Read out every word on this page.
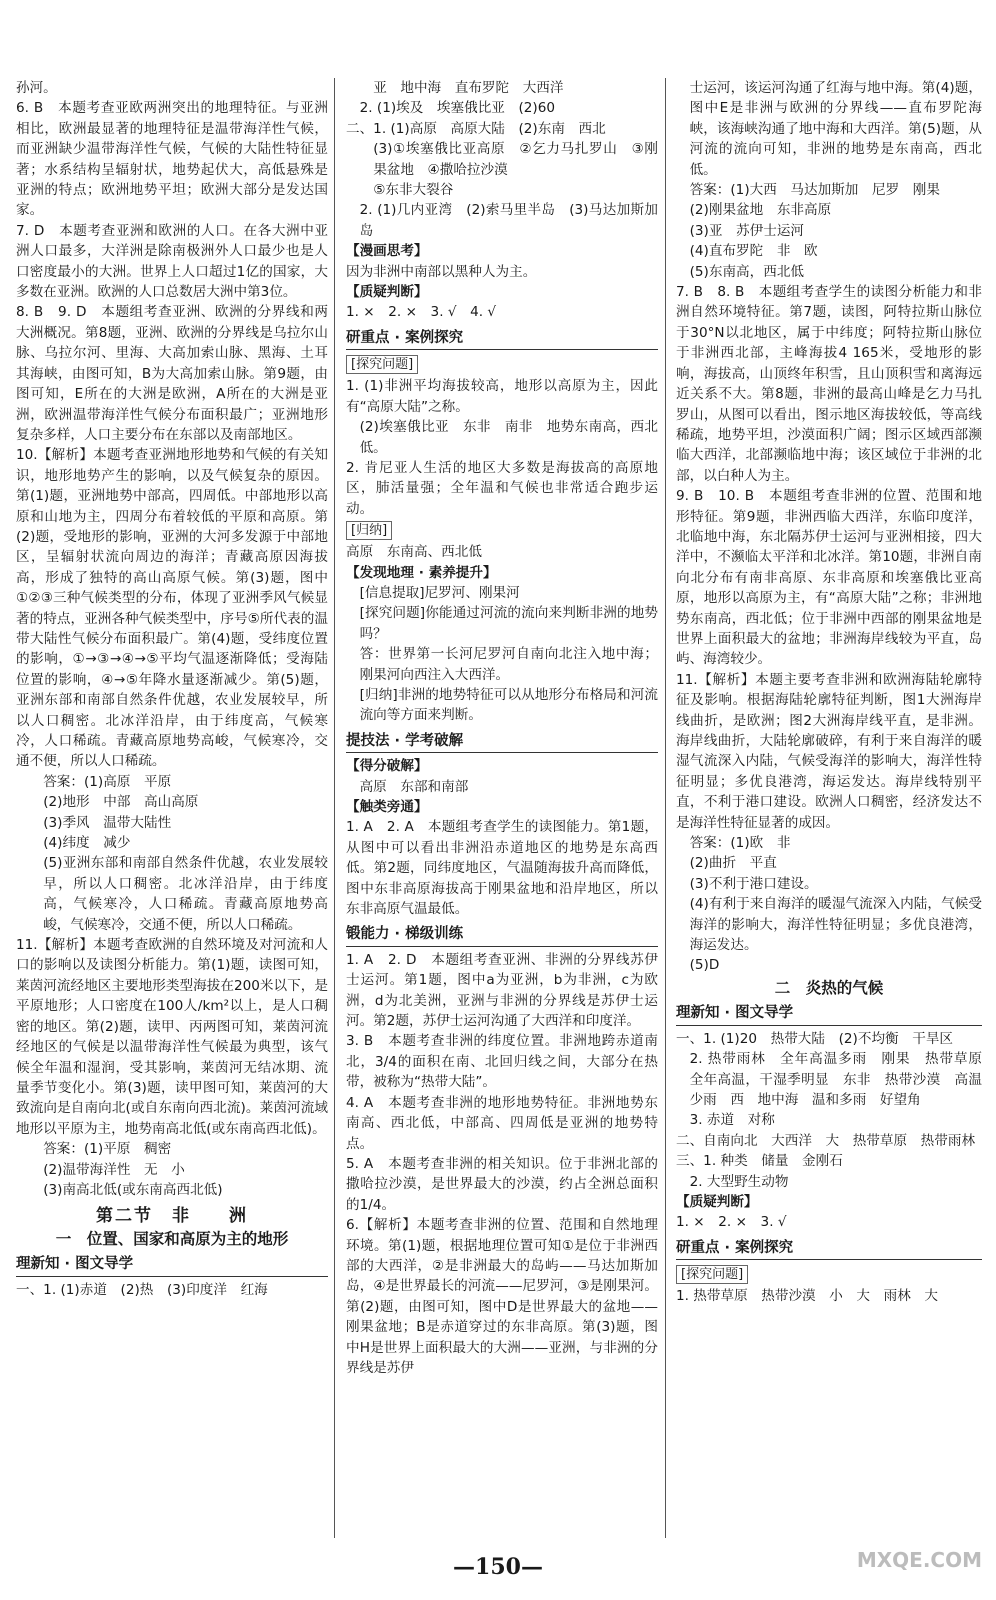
孙河。
6. B　本题考查亚欧两洲突出的地理特征。与亚洲相比，欧洲最显著的地理特征是温带海洋性气候，而亚洲缺少温带海洋性气候，气候的大陆性特征显著；水系结构呈辐射状，地势起伏大，高低悬殊是亚洲的特点；欧洲地势平坦；欧洲大部分是发达国家。
7. D　本题考查亚洲和欧洲的人口。在各大洲中亚洲人口最多，大洋洲是除南极洲外人口最少也是人口密度最小的大洲。世界上人口超过1亿的国家，大多数在亚洲。欧洲的人口总数居大洲中第3位。
8. B　9. D　本题组考查亚洲、欧洲的分界线和两大洲概况。第8题，亚洲、欧洲的分界线是乌拉尔山脉、乌拉尔河、里海、大高加索山脉、黑海、土耳其海峡，由图可知，B为大高加索山脉。第9题，由图可知，E所在的大洲是欧洲，A所在的大洲是亚洲，欧洲温带海洋性气候分布面积最广；亚洲地形复杂多样，人口主要分布在东部以及南部地区。
10.【解析】本题考查亚洲地形地势和气候的有关知识，地形地势产生的影响，以及气候复杂的原因。第(1)题，亚洲地势中部高，四周低。中部地形以高原和山地为主，四周分布着较低的平原和高原。第(2)题，受地形的影响，亚洲的大河多发源于中部地区，呈辐射状流向周边的海洋；青藏高原因海拔高，形成了独特的高山高原气候。第(3)题，图中①②③三种气候类型的分布，体现了亚洲季风气候显著的特点，亚洲各种气候类型中，序号⑤所代表的温带大陆性气候分布面积最广。第(4)题，受纬度位置的影响，①→③→④→⑤平均气温逐渐降低；受海陆位置的影响，④→⑤年降水量逐渐减少。第(5)题，亚洲东部和南部自然条件优越，农业发展较早，所以人口稠密。北冰洋沿岸，由于纬度高，气候寒冷，人口稀疏。青藏高原地势高峻，气候寒冷，交通不便，所以人口稀疏。
答案：(1)高原　平原
(2)地形　中部　高山高原
(3)季风　温带大陆性
(4)纬度　减少
(5)亚洲东部和南部自然条件优越，农业发展较早，所以人口稠密。北冰洋沿岸，由于纬度高，气候寒冷，人口稀疏。青藏高原地势高峻，气候寒冷，交通不便，所以人口稀疏。
11.【解析】本题考查欧洲的自然环境及对河流和人口的影响以及读图分析能力。第(1)题，读图可知，莱茵河流经地区主要地形类型海拔在200米以下，是平原地形；人口密度在100人/km²以上，是人口稠密的地区。第(2)题，读甲、丙两图可知，莱茵河流经地区的气候是以温带海洋性气候最为典型，该气候全年温和湿润，受其影响，莱茵河无结冰期、流量季节变化小。第(3)题，读甲图可知，莱茵河的大致流向是自南向北(或自东南向西北流)。莱茵河流域地形以平原为主，地势南高北低(或东南高西北低)。
答案：(1)平原　稠密
(2)温带海洋性　无　小
(3)南高北低(或东南高西北低)
第二节　非　　洲
一　位置、国家和高原为主的地形
理新知 · 图文导学
一、1. (1)赤道　(2)热　(3)印度洋　红海
亚　地中海　直布罗陀　大西洋
2. (1)埃及　埃塞俄比亚　(2)60
二、1. (1)高原　高原大陆　(2)东南　西北
(3)①埃塞俄比亚高原　②乞力马扎罗山　③刚果盆地　④撒哈拉沙漠
⑤东非大裂谷
2. (1)几内亚湾　(2)索马里半岛　(3)马达加斯加岛
【漫画思考】
因为非洲中南部以黑种人为主。
【质疑判断】
1. ×　2. ×　3. √　4. √
研重点 · 案例探究
[探究问题]
1. (1)非洲平均海拔较高，地形以高原为主，因此有“高原大陆”之称。
(2)埃塞俄比亚　东非　南非　地势东南高，西北低。
2. 肯尼亚人生活的地区大多数是海拔高的高原地区，肺活量强；全年温和气候也非常适合跑步运动。
[归纳]
高原　东南高、西北低
【发现地理 · 素养提升】
[信息提取]尼罗河、刚果河
[探究问题]你能通过河流的流向来判断非洲的地势吗？
答：世界第一长河尼罗河自南向北注入地中海；刚果河向西注入大西洋。
[归纳]非洲的地势特征可以从地形分布格局和河流流向等方面来判断。
提技法 · 学考破解
【得分破解】
高原　东部和南部
【触类旁通】
1. A　2. A　本题组考查学生的读图能力。第1题，从图中可以看出非洲沿赤道地区的地势是东高西低。第2题，同纬度地区，气温随海拔升高而降低，图中东非高原海拔高于刚果盆地和沿岸地区，所以东非高原气温最低。
锻能力 · 梯级训练
1. A　2. D　本题组考查亚洲、非洲的分界线苏伊士运河。第1题，图中a为亚洲，b为非洲，c为欧洲，d为北美洲，亚洲与非洲的分界线是苏伊士运河。第2题，苏伊士运河沟通了大西洋和印度洋。
3. B　本题考查非洲的纬度位置。非洲地跨赤道南北，3/4的面积在南、北回归线之间，大部分在热带，被称为“热带大陆”。
4. A　本题考查非洲的地形地势特征。非洲地势东南高、西北低，中部高、四周低是亚洲的地势特点。
5. A　本题考查非洲的相关知识。位于非洲北部的撒哈拉沙漠，是世界最大的沙漠，约占全洲总面积的1/4。
6.【解析】本题考查非洲的位置、范围和自然地理环境。第(1)题，根据地理位置可知①是位于非洲西部的大西洋，②是非洲最大的岛屿——马达加斯加岛，④是世界最长的河流——尼罗河，③是刚果河。第(2)题，由图可知，图中D是世界最大的盆地——刚果盆地；B是赤道穿过的东非高原。第(3)题，图中H是世界上面积最大的大洲——亚洲，与非洲的分界线是苏伊
士运河，该运河沟通了红海与地中海。第(4)题，图中E是非洲与欧洲的分界线——直布罗陀海峡，该海峡沟通了地中海和大西洋。第(5)题，从河流的流向可知，非洲的地势是东南高，西北低。
答案：(1)大西　马达加斯加　尼罗　刚果
(2)刚果盆地　东非高原
(3)亚　苏伊士运河
(4)直布罗陀　非　欧
(5)东南高，西北低
7. B　8. B　本题组考查学生的读图分析能力和非洲自然环境特征。第7题，读图，阿特拉斯山脉位于30°N以北地区，属于中纬度；阿特拉斯山脉位于非洲西北部，主峰海拔4 165米，受地形的影响，海拔高，山顶终年积雪，且山顶积雪和离海远近关系不大。第8题，非洲的最高山峰是乞力马扎罗山，从图可以看出，图示地区海拔较低，等高线稀疏，地势平坦，沙漠面积广阔；图示区域西部濒临大西洋，北部濒临地中海；该区域位于非洲的北部，以白种人为主。
9. B　10. B　本题组考查非洲的位置、范围和地形特征。第9题，非洲西临大西洋，东临印度洋，北临地中海，东北隔苏伊士运河与亚洲相接，四大洋中，不濒临太平洋和北冰洋。第10题，非洲自南向北分布有南非高原、东非高原和埃塞俄比亚高原，地形以高原为主，有“高原大陆”之称；非洲地势东南高，西北低；位于非洲中西部的刚果盆地是世界上面积最大的盆地；非洲海岸线较为平直，岛屿、海湾较少。
11.【解析】本题主要考查非洲和欧洲海陆轮廓特征及影响。根据海陆轮廓特征判断，图1大洲海岸线曲折，是欧洲；图2大洲海岸线平直，是非洲。海岸线曲折，大陆轮廓破碎，有利于来自海洋的暖湿气流深入内陆，气候受海洋的影响大，海洋性特征明显；多优良港湾，海运发达。海岸线特别平直，不利于港口建设。欧洲人口稠密，经济发达不是海洋性特征显著的成因。
答案：(1)欧　非
(2)曲折　平直
(3)不利于港口建设。
(4)有利于来自海洋的暖湿气流深入内陆，气候受海洋的影响大，海洋性特征明显；多优良港湾，海运发达。
(5)D
二　炎热的气候
理新知 · 图文导学
一、1. (1)20　热带大陆　(2)不均衡　干旱区
2. 热带雨林　全年高温多雨　刚果　热带草原　全年高温，干湿季明显　东非　热带沙漠　高温少雨　西　地中海　温和多雨　好望角
3. 赤道　对称
二、自南向北　大西洋　大　热带草原　热带雨林
三、1. 种类　储量　金刚石
2. 大型野生动物
【质疑判断】
1. ×　2. ×　3. √
研重点 · 案例探究
[探究问题]
1. 热带草原　热带沙漠　小　大　雨林　大
—150—	MXQE.COM
